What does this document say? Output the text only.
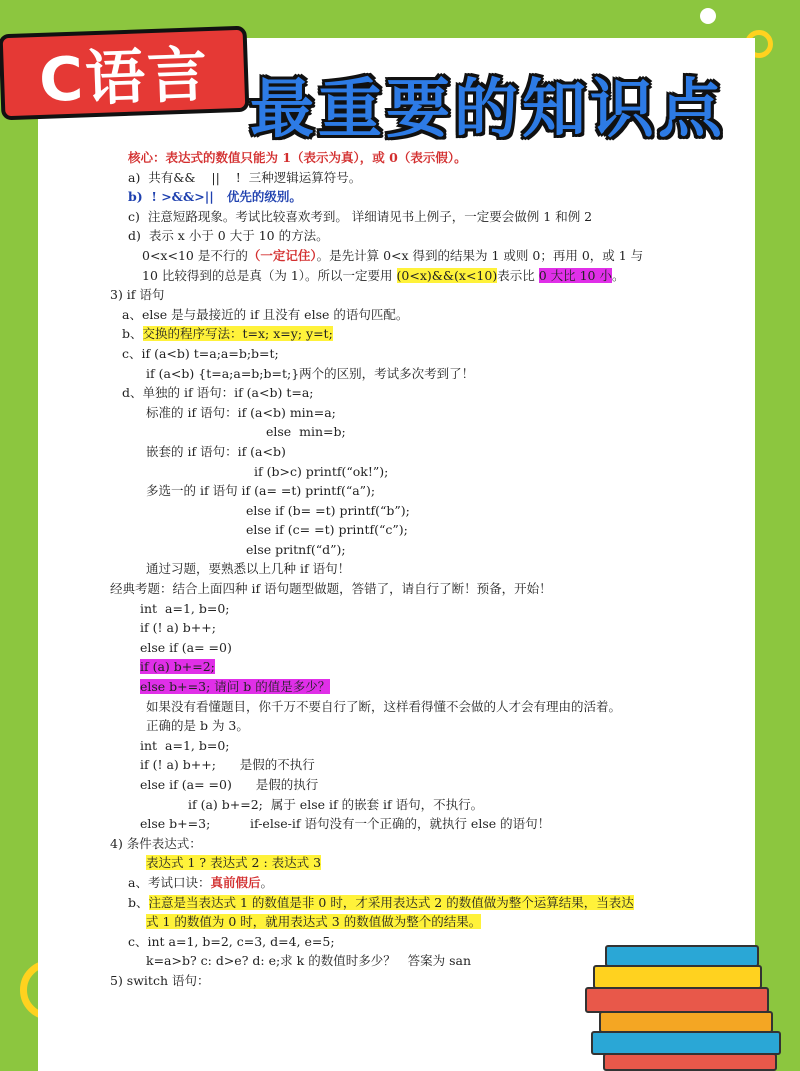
C语言 最重要的知识点
核心：表达式的数值只能为 1（表示为真），或 0（表示假）。
a)  共有&&    ||    !  三种逻辑运算符号。
b)  ! >&&>||   优先的级别。
c)  注意短路现象。考试比较喜欢考到。 详细请见书上例子，一定要会做例 1 和例 2
d)  表示 x 小于 0 大于 10 的方法。
0<x<10 是不行的（一定记住）。是先计算 0<x 得到的结果为 1 或则 0；再用 0，或 1 与
10 比较得到的总是真（为 1）。所以一定要用 (0<x)&&(x<10)表示比 0 大比 10 小。
3) if 语句
a、else 是与最接近的 if 且没有 else 的语句匹配。
b、交换的程序写法：t=x; x=y; y=t;
c、if (a<b) t=a;a=b;b=t;
if (a<b) {t=a;a=b;b=t;}两个的区别，考试多次考到了！
d、单独的 if 语句：if (a<b) t=a;
标准的 if 语句：if (a<b) min=a;
else  min=b;
嵌套的 if 语句：if (a<b)
if (b>c) printf(“ok!”);
多选一的 if 语句 if (a= =t) printf(“a”);
else if (b= =t) printf(“b”);
else if (c= =t) printf(“c”);
else pritnf(“d”);
通过习题，要熟悉以上几种 if 语句！
经典考题：结合上面四种 if 语句题型做题，答错了，请自行了断！预备，开始！
int  a=1, b=0;
if (! a) b++;
else if (a= =0)
if (a) b+=2;
else b+=3; 请问 b 的值是多少？
如果没有看懂题目，你千万不要自行了断，这样看得懂不会做的人才会有理由的活着。
正确的是 b 为 3。
int  a=1, b=0;
if (! a) b++;      是假的不执行
else if (a= =0)      是假的执行
if (a) b+=2;  属于 else if 的嵌套 if 语句，不执行。
else b+=3;          if-else-if 语句没有一个正确的，就执行 else 的语句！
4) 条件表达式：
表达式 1 ? 表达式 2 : 表达式 3
a、考试口诀：真前假后。
b、注意是当表达式 1 的数值是非 0 时，才采用表达式 2 的数值做为整个运算结果，当表达
式 1 的数值为 0 时，就用表达式 3 的数值做为整个的结果。
c、int a=1, b=2, c=3, d=4, e=5;
k=a>b? c: d>e? d: e;求 k 的数值时多少？   答案为 san
5) switch 语句：
